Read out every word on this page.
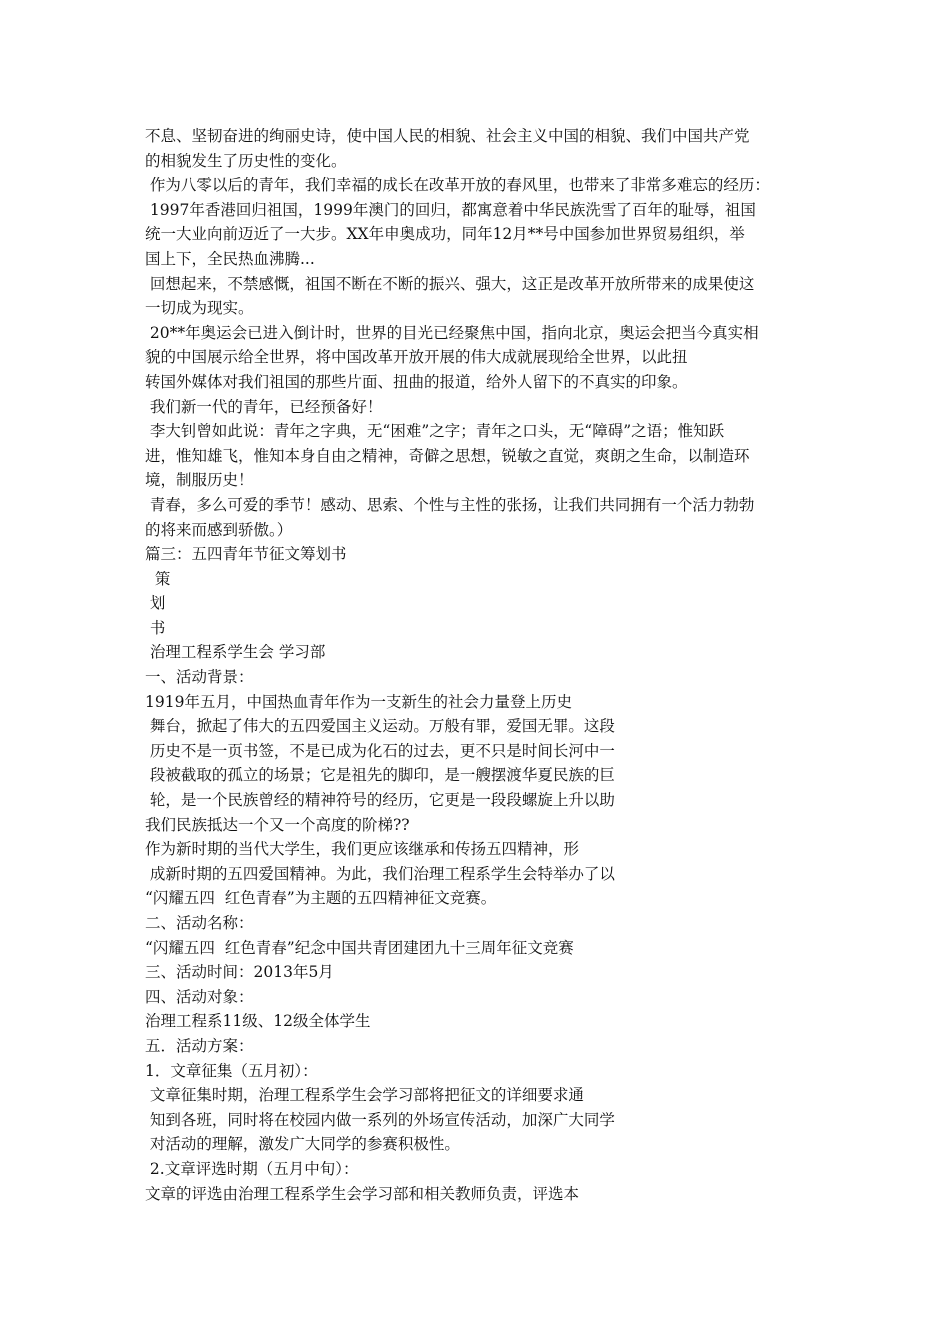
不息、坚韧奋进的绚丽史诗，使中国人民的相貌、社会主义中国的相貌、我们中国共产党
的相貌发生了历史性的变化。
作为八零以后的青年，我们幸福的成长在改革开放的春风里，也带来了非常多难忘的经历：
1997年香港回归祖国，1999年澳门的回归，都寓意着中华民族洗雪了百年的耻辱，祖国
统一大业向前迈近了一大步。XX年申奥成功，同年12月**号中国参加世界贸易组织，举
国上下，全民热血沸腾...
回想起来，不禁感慨，祖国不断在不断的振兴、强大，这正是改革开放所带来的成果使这
一切成为现实。
20**年奥运会已进入倒计时，世界的目光已经聚焦中国，指向北京，奥运会把当今真实相
貌的中国展示给全世界，将中国改革开放开展的伟大成就展现给全世界，以此扭
转国外媒体对我们祖国的那些片面、扭曲的报道，给外人留下的不真实的印象。
我们新一代的青年，已经预备好！
李大钊曾如此说：青年之字典，无“困难”之字；青年之口头，无“障碍”之语；惟知跃
进，惟知雄飞，惟知本身自由之精神，奇僻之思想，锐敏之直觉，爽朗之生命，以制造环
境，制服历史！
青春，多么可爱的季节！感动、思索、个性与主性的张扬，让我们共同拥有一个活力勃勃
的将来而感到骄傲。）
篇三：五四青年节征文筹划书
策
划
书
治理工程系学生会 学习部
一、活动背景：
1919年五月，中国热血青年作为一支新生的社会力量登上历史
舞台，掀起了伟大的五四爱国主义运动。万般有罪，爱国无罪。这段
历史不是一页书签，不是已成为化石的过去，更不只是时间长河中一
段被截取的孤立的场景；它是祖先的脚印，是一艘摆渡华夏民族的巨
轮，是一个民族曾经的精神符号的经历，它更是一段段螺旋上升以助
我们民族抵达一个又一个高度的阶梯??
作为新时期的当代大学生，我们更应该继承和传扬五四精神，形
成新时期的五四爱国精神。为此，我们治理工程系学生会特举办了以
“闪耀五四  红色青春”为主题的五四精神征文竞赛。
二、活动名称：
“闪耀五四  红色青春”纪念中国共青团建团九十三周年征文竞赛
三、活动时间：2013年5月
四、活动对象：
治理工程系11级、12级全体学生
五．活动方案：
1．文章征集（五月初）：
文章征集时期，治理工程系学生会学习部将把征文的详细要求通
知到各班，同时将在校园内做一系列的外场宣传活动，加深广大同学
对活动的理解，激发广大同学的参赛积极性。
2.文章评选时期（五月中旬）：
文章的评选由治理工程系学生会学习部和相关教师负责，评选本
